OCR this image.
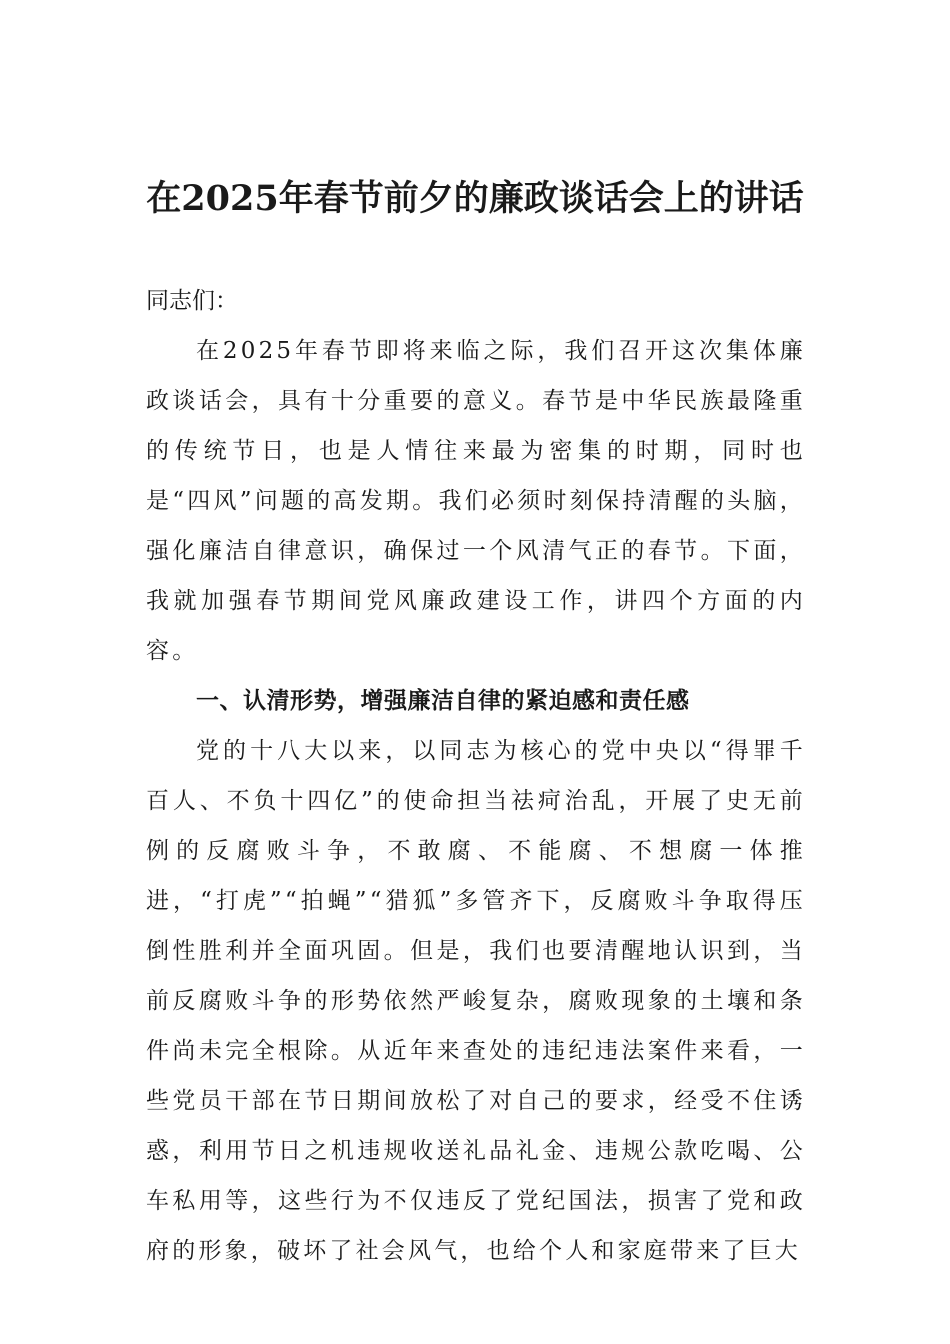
在2025年春节前夕的廉政谈话会上的讲话

同志们：

在2025年春节即将来临之际，我们召开这次集体廉政谈话会，具有十分重要的意义。春节是中华民族最隆重的传统节日，也是人情往来最为密集的时期，同时也是“四风”问题的高发期。我们必须时刻保持清醒的头脑，强化廉洁自律意识，确保过一个风清气正的春节。下面，我就加强春节期间党风廉政建设工作，讲四个方面的内容。

一、认清形势，增强廉洁自律的紧迫感和责任感

党的十八大以来，以同志为核心的党中央以“得罪千百人、不负十四亿”的使命担当祛疴治乱，开展了史无前例的反腐败斗争，不敢腐、不能腐、不想腐一体推进，“打虎”“拍蝇”“猎狐”多管齐下，反腐败斗争取得压倒性胜利并全面巩固。但是，我们也要清醒地认识到，当前反腐败斗争的形势依然严峻复杂，腐败现象的土壤和条件尚未完全根除。从近年来查处的违纪违法案件来看，一些党员干部在节日期间放松了对自己的要求，经受不住诱惑，利用节日之机违规收送礼品礼金、违规公款吃喝、公车私用等，这些行为不仅违反了党纪国法，损害了党和政府的形象，破坏了社会风气，也给个人和家庭带来了巨大
